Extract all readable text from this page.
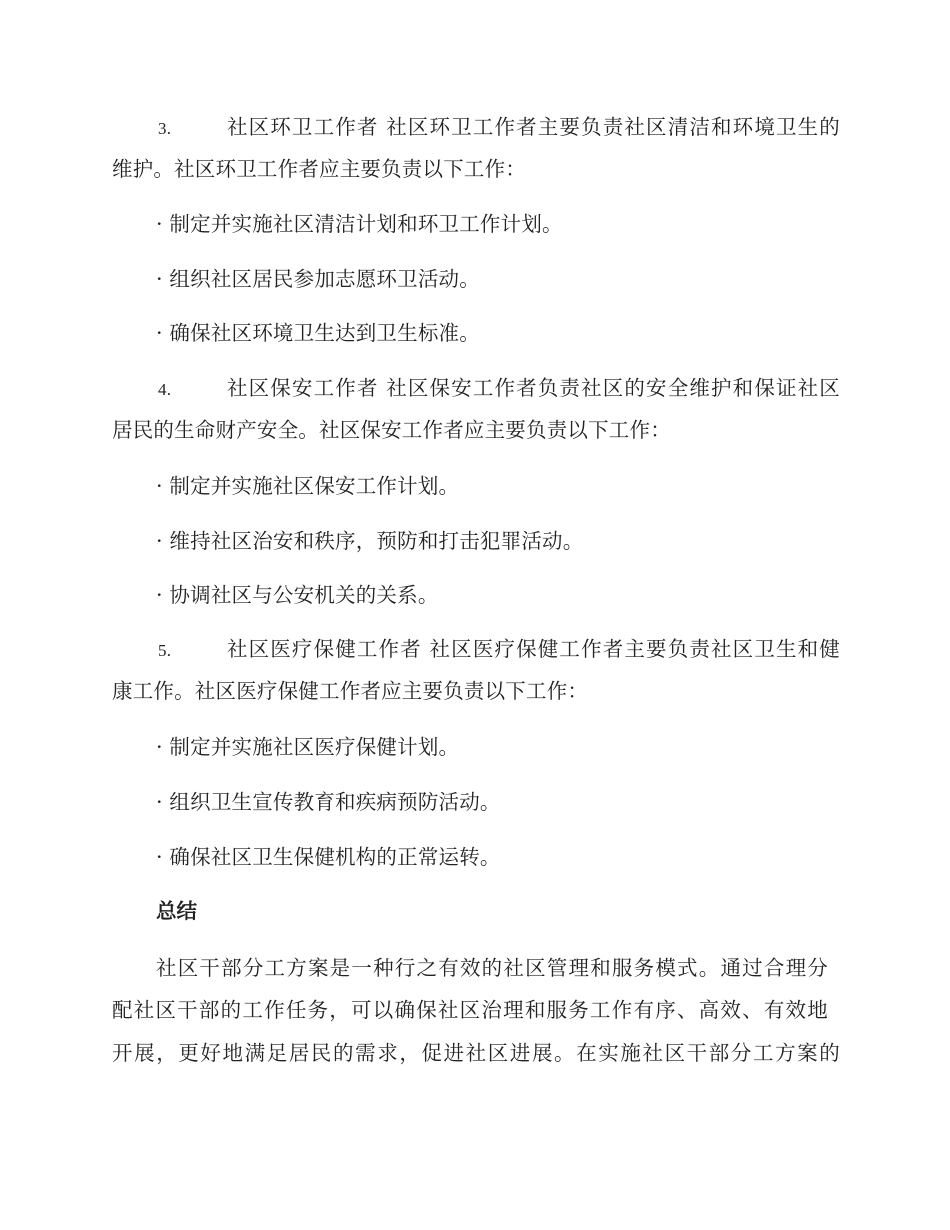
3.	社区环卫工作者 社区环卫工作者主要负责社区清洁和环境卫生的
维护。社区环卫工作者应主要负责以下工作：
· 制定并实施社区清洁计划和环卫工作计划。
· 组织社区居民参加志愿环卫活动。
· 确保社区环境卫生达到卫生标准。
4.	社区保安工作者 社区保安工作者负责社区的安全维护和保证社区
居民的生命财产安全。社区保安工作者应主要负责以下工作：
· 制定并实施社区保安工作计划。
· 维持社区治安和秩序，预防和打击犯罪活动。
· 协调社区与公安机关的关系。
5.	社区医疗保健工作者 社区医疗保健工作者主要负责社区卫生和健
康工作。社区医疗保健工作者应主要负责以下工作：
· 制定并实施社区医疗保健计划。
· 组织卫生宣传教育和疾病预防活动。
· 确保社区卫生保健机构的正常运转。
总结
社区干部分工方案是一种行之有效的社区管理和服务模式。通过合理分
配社区干部的工作任务，可以确保社区治理和服务工作有序、高效、有效地
开展，更好地满足居民的需求，促进社区进展。在实施社区干部分工方案的
